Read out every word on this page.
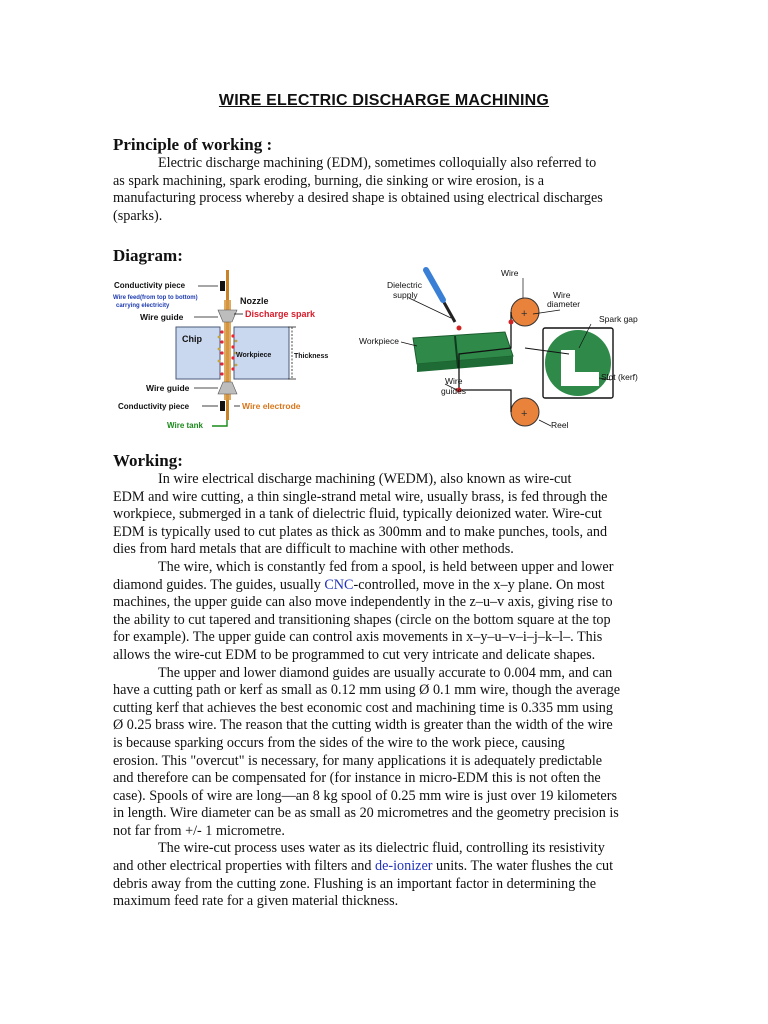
WIRE ELECTRIC DISCHARGE MACHINING
Principle of working :
Electric discharge machining (EDM), sometimes colloquially also referred to
as spark machining, spark eroding, burning, die sinking or wire erosion, is a
manufacturing process whereby a desired shape is obtained using electrical discharges
(sparks).
Diagram:
Conductivity piece
Wire feed(from top to bottom)
carrying electricity	Nozzle
Wire guide	Discharge spark
Chip
Workpiece	Thickness
Wire guide
Conductivity piece	Wire electrode
Wire tank
+
+
Dielectric
supply
Wire
Wire
diameter
Spark gap
Workpiece
Slot (kerf)
Wire
guides
Reel
Working:
In wire electrical discharge machining (WEDM), also known as wire-cut
EDM and wire cutting, a thin single-strand metal wire, usually brass, is fed through the
workpiece, submerged in a tank of dielectric fluid, typically deionized water. Wire-cut
EDM is typically used to cut plates as thick as 300mm and to make punches, tools, and
dies from hard metals that are difficult to machine with other methods.
The wire, which is constantly fed from a spool, is held between upper and lower
diamond guides. The guides, usually CNC-controlled, move in the x–y plane. On most
machines, the upper guide can also move independently in the z–u–v axis, giving rise to
the ability to cut tapered and transitioning shapes (circle on the bottom square at the top
for example). The upper guide can control axis movements in x–y–u–v–i–j–k–l–. This
allows the wire-cut EDM to be programmed to cut very intricate and delicate shapes.
The upper and lower diamond guides are usually accurate to 0.004 mm, and can
have a cutting path or kerf as small as 0.12 mm using Ø 0.1 mm wire, though the average
cutting kerf that achieves the best economic cost and machining time is 0.335 mm using
Ø 0.25 brass wire. The reason that the cutting width is greater than the width of the wire
is because sparking occurs from the sides of the wire to the work piece, causing
erosion. This "overcut" is necessary, for many applications it is adequately predictable
and therefore can be compensated for (for instance in micro-EDM this is not often the
case). Spools of wire are long—an 8 kg spool of 0.25 mm wire is just over 19 kilometers
in length. Wire diameter can be as small as 20 micrometres and the geometry precision is
not far from +/- 1 micrometre.
The wire-cut process uses water as its dielectric fluid, controlling its resistivity
and other electrical properties with filters and de-ionizer units. The water flushes the cut
debris away from the cutting zone. Flushing is an important factor in determining the
maximum feed rate for a given material thickness.
